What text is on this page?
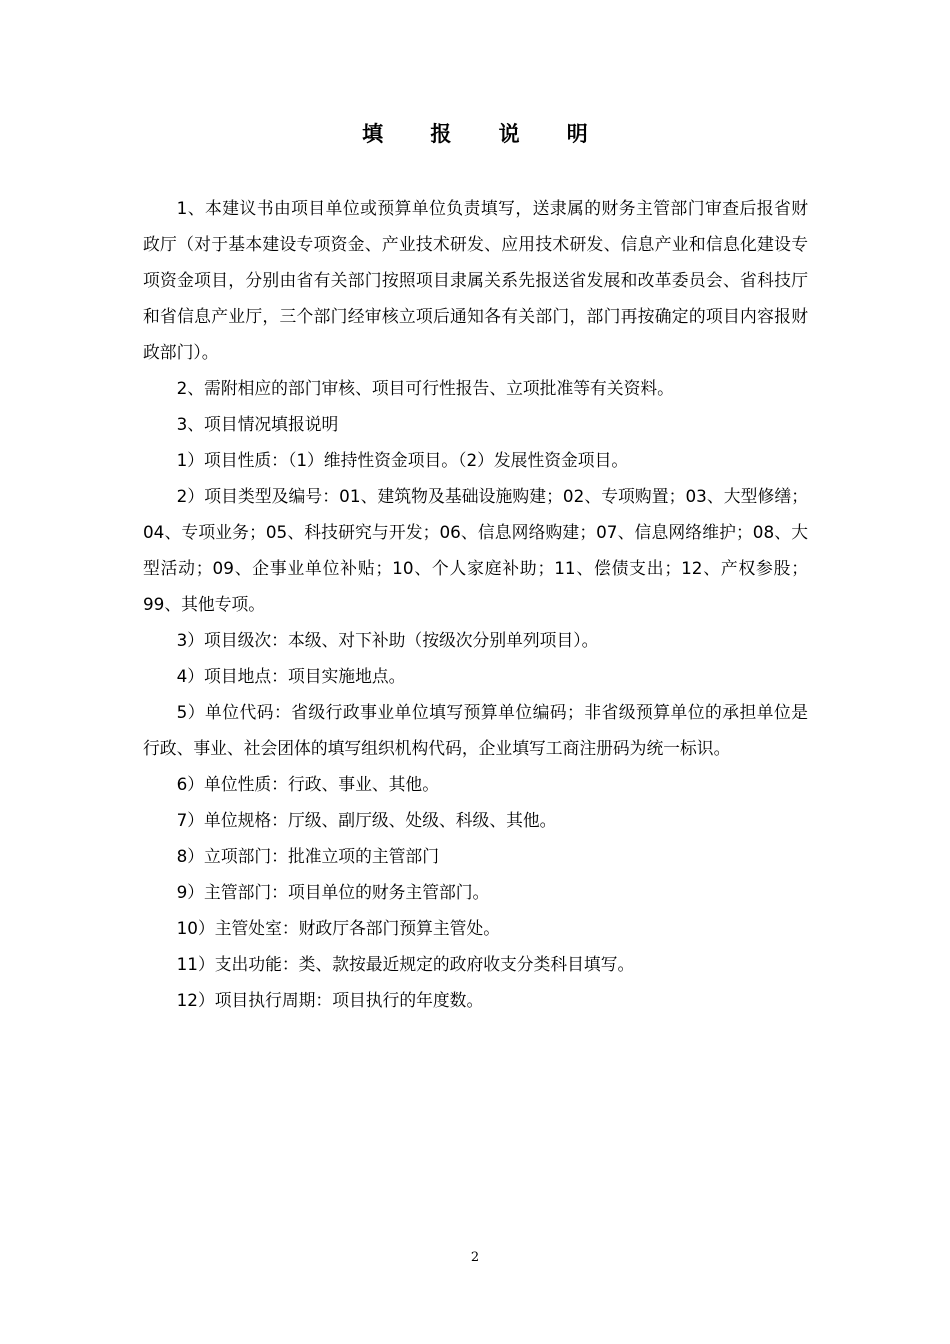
填 报 说 明

1、本建议书由项目单位或预算单位负责填写，送隶属的财务主管部门审查后报省财政厅（对于基本建设专项资金、产业技术研发、应用技术研发、信息产业和信息化建设专项资金项目，分别由省有关部门按照项目隶属关系先报送省发展和改革委员会、省科技厅和省信息产业厅，三个部门经审核立项后通知各有关部门，部门再按确定的项目内容报财政部门）。

2、需附相应的部门审核、项目可行性报告、立项批准等有关资料。

3、项目情况填报说明

1）项目性质：（1）维持性资金项目。（2）发展性资金项目。

2）项目类型及编号：01、建筑物及基础设施购建；02、专项购置；03、大型修缮；04、专项业务；05、科技研究与开发；06、信息网络购建；07、信息网络维护；08、大型活动；09、企事业单位补贴；10、个人家庭补助；11、偿债支出；12、产权参股；99、其他专项。

3）项目级次：本级、对下补助（按级次分别单列项目）。

4）项目地点：项目实施地点。

5）单位代码：省级行政事业单位填写预算单位编码；非省级预算单位的承担单位是行政、事业、社会团体的填写组织机构代码，企业填写工商注册码为统一标识。

6）单位性质：行政、事业、其他。

7）单位规格：厅级、副厅级、处级、科级、其他。

8）立项部门：批准立项的主管部门

9）主管部门：项目单位的财务主管部门。

10）主管处室：财政厅各部门预算主管处。

11）支出功能：类、款按最近规定的政府收支分类科目填写。

12）项目执行周期：项目执行的年度数。

2
